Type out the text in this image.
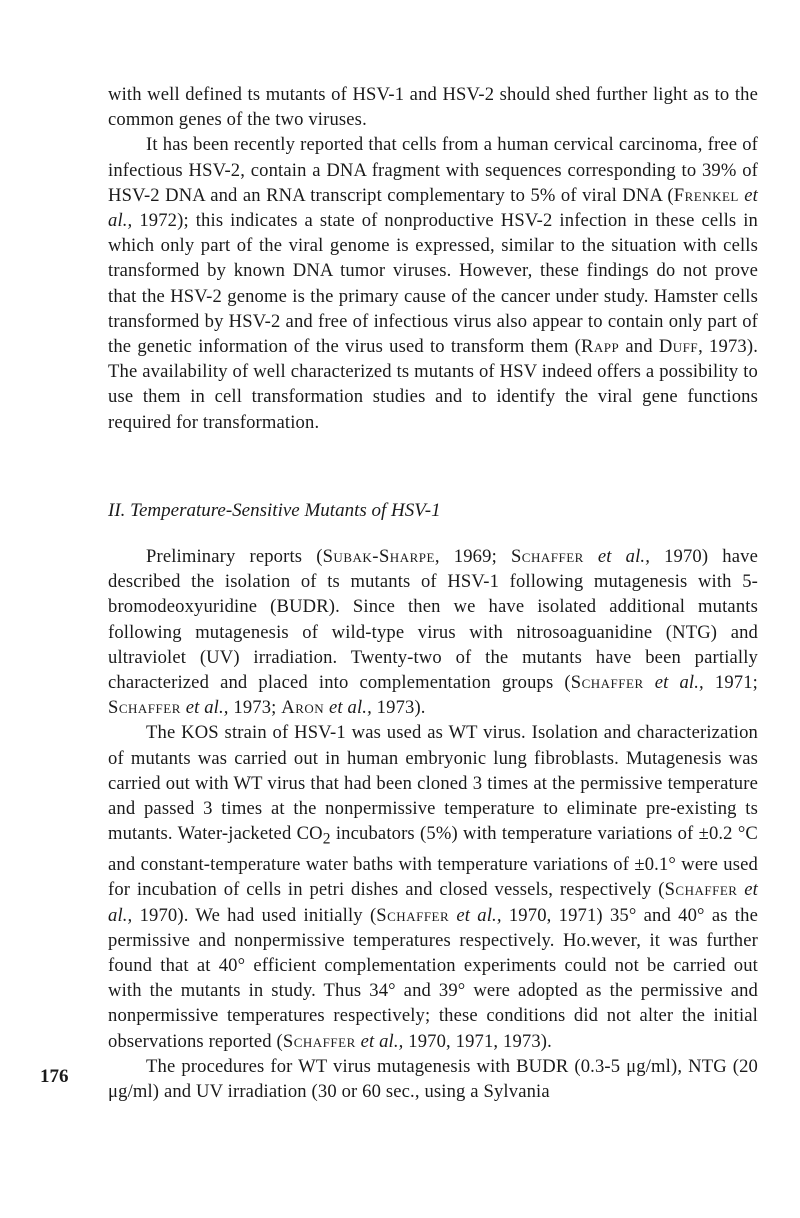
with well defined ts mutants of HSV-1 and HSV-2 should shed further light as to the common genes of the two viruses.

It has been recently reported that cells from a human cervical carcinoma, free of infectious HSV-2, contain a DNA fragment with sequences corresponding to 39% of HSV-2 DNA and an RNA transcript complementary to 5% of viral DNA (Frenkel et al., 1972); this indicates a state of nonproductive HSV-2 infection in these cells in which only part of the viral genome is expressed, similar to the situation with cells transformed by known DNA tumor viruses. However, these findings do not prove that the HSV-2 genome is the primary cause of the cancer under study. Hamster cells transformed by HSV-2 and free of infectious virus also appear to contain only part of the genetic information of the virus used to transform them (Rapp and Duff, 1973). The availability of well characterized ts mutants of HSV indeed offers a possibility to use them in cell transformation studies and to identify the viral gene functions required for transformation.

II. Temperature-Sensitive Mutants of HSV-1

Preliminary reports (Subak-Sharpe, 1969; Schaffer et al., 1970) have described the isolation of ts mutants of HSV-1 following mutagenesis with 5-bromodeoxyuridine (BUDR). Since then we have isolated additional mutants following mutagenesis of wild-type virus with nitrosoaguanidine (NTG) and ultraviolet (UV) irradiation. Twenty-two of the mutants have been partially characterized and placed into complementation groups (Schaffer et al., 1971; Schaffer et al., 1973; Aron et al., 1973).

The KOS strain of HSV-1 was used as WT virus. Isolation and characterization of mutants was carried out in human embryonic lung fibroblasts. Mutagenesis was carried out with WT virus that had been cloned 3 times at the permissive temperature and passed 3 times at the nonpermissive temperature to eliminate pre-existing ts mutants. Water-jacketed $CO_2$ incubators (5%) with temperature variations of ±0.2 °C and constant-temperature water baths with temperature variations of ±0.1° were used for incubation of cells in petri dishes and closed vessels, respectively (Schaffer et al., 1970). We had used initially (Schaffer et al., 1970, 1971) 35° and 40° as the permissive and nonpermissive temperatures respectively. Ho.wever, it was further found that at 40° efficient complementation experiments could not be carried out with the mutants in study. Thus 34° and 39° were adopted as the permissive and nonpermissive temperatures respectively; these conditions did not alter the initial observations reported (Schaffer et al., 1970, 1971, 1973).

The procedures for WT virus mutagenesis with BUDR (0.3-5 μg/ml), NTG (20 μg/ml) and UV irradiation (30 or 60 sec., using a Sylvania

176
